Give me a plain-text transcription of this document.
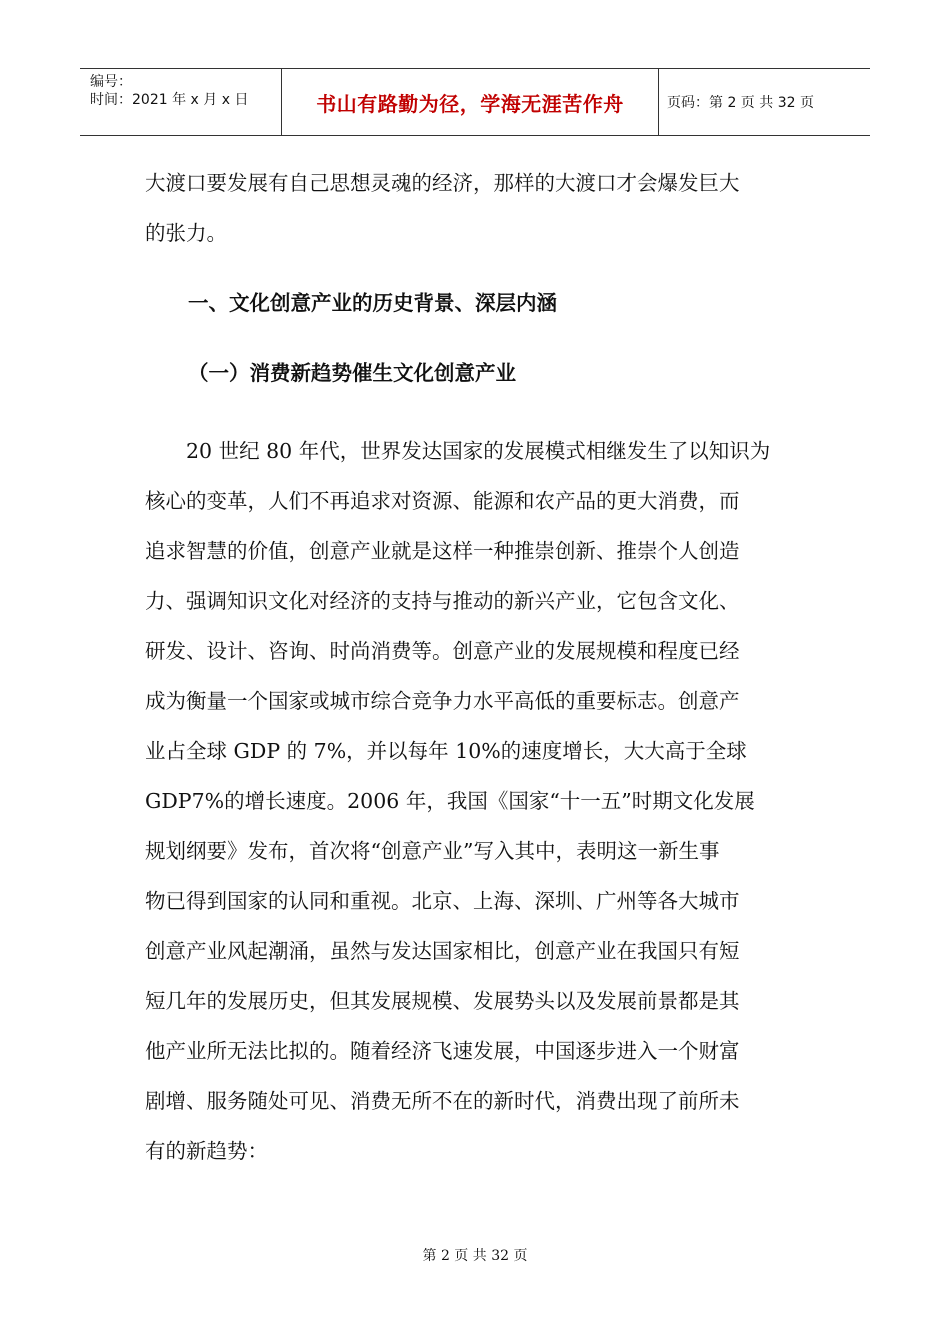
编号：
时间：2021 年 x 月 x 日	书山有路勤为径，学海无涯苦作舟	页码：第 2 页 共 32 页

大渡口要发展有自己思想灵魂的经济，那样的大渡口才会爆发巨大

的张力。

一、文化创意产业的历史背景、深层内涵
（一）消费新趋势催生文化创意产业

20 世纪 80 年代，世界发达国家的发展模式相继发生了以知识为

核心的变革，人们不再追求对资源、能源和农产品的更大消费，而

追求智慧的价值，创意产业就是这样一种推崇创新、推崇个人创造

力、强调知识文化对经济的支持与推动的新兴产业，它包含文化、

研发、设计、咨询、时尚消费等。创意产业的发展规模和程度已经

成为衡量一个国家或城市综合竞争力水平高低的重要标志。创意产

业占全球 GDP 的 7%，并以每年 10%的速度增长，大大高于全球

GDP7%的增长速度。2006 年，我国《国家“十一五”时期文化发展

规划纲要》发布，首次将“创意产业”写入其中，表明这一新生事

物已得到国家的认同和重视。北京、上海、深圳、广州等各大城市

创意产业风起潮涌，虽然与发达国家相比，创意产业在我国只有短

短几年的发展历史，但其发展规模、发展势头以及发展前景都是其

他产业所无法比拟的。随着经济飞速发展，中国逐步进入一个财富

剧增、服务随处可见、消费无所不在的新时代，消费出现了前所未

有的新趋势：

第 2 页 共 32 页
